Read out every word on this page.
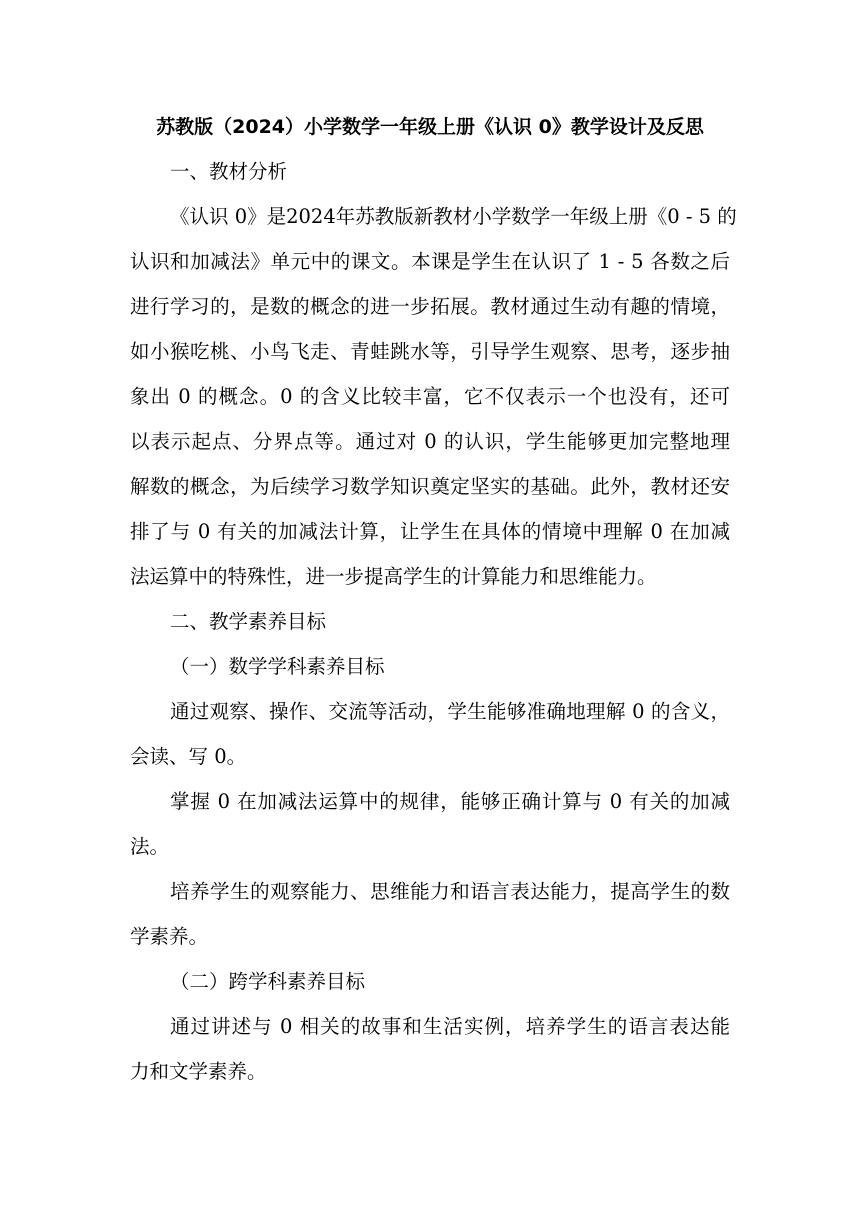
苏教版（2024）小学数学一年级上册《认识 0》教学设计及反思
一、教材分析
《认识 0》是2024年苏教版新教材小学数学一年级上册《0 - 5 的
认识和加减法》单元中的课文。本课是学生在认识了 1 - 5 各数之后
进行学习的，是数的概念的进一步拓展。教材通过生动有趣的情境，
如小猴吃桃、小鸟飞走、青蛙跳水等，引导学生观察、思考，逐步抽
象出 0 的概念。0 的含义比较丰富，它不仅表示一个也没有，还可
以表示起点、分界点等。通过对 0 的认识，学生能够更加完整地理
解数的概念，为后续学习数学知识奠定坚实的基础。此外，教材还安
排了与 0 有关的加减法计算，让学生在具体的情境中理解 0 在加减
法运算中的特殊性，进一步提高学生的计算能力和思维能力。
二、教学素养目标
（一）数学学科素养目标
通过观察、操作、交流等活动，学生能够准确地理解 0 的含义，
会读、写 0。
掌握 0 在加减法运算中的规律，能够正确计算与 0 有关的加减
法。
培养学生的观察能力、思维能力和语言表达能力，提高学生的数
学素养。
（二）跨学科素养目标
通过讲述与 0 相关的故事和生活实例，培养学生的语言表达能
力和文学素养。
